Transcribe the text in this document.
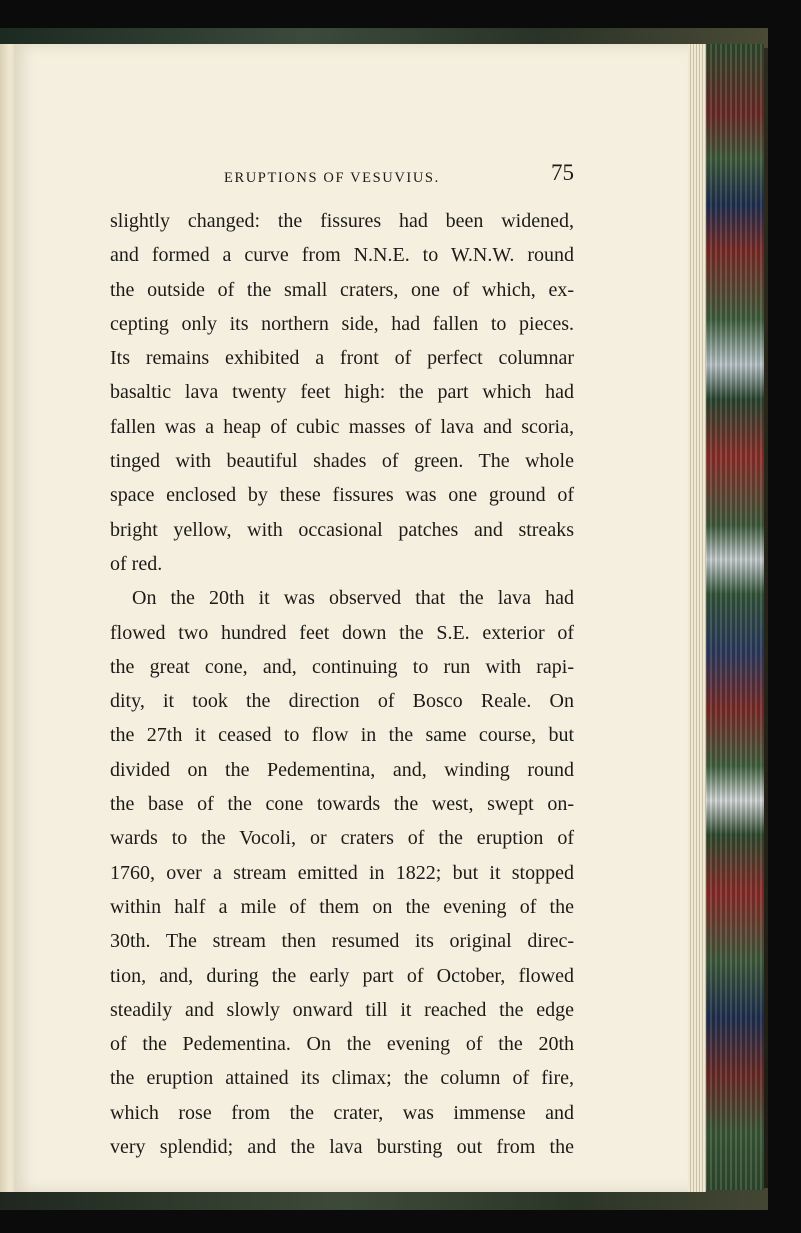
ERUPTIONS OF VESUVIUS.	75
slightly changed: the fissures had been widened,
and formed a curve from N.N.E. to W.N.W. round
the outside of the small craters, one of which, ex-
cepting only its northern side, had fallen to pieces.
Its remains exhibited a front of perfect columnar
basaltic lava twenty feet high: the part which had
fallen was a heap of cubic masses of lava and scoria,
tinged with beautiful shades of green. The whole
space enclosed by these fissures was one ground of
bright yellow, with occasional patches and streaks
of red.
On the 20th it was observed that the lava had
flowed two hundred feet down the S.E. exterior of
the great cone, and, continuing to run with rapi-
dity, it took the direction of Bosco Reale. On
the 27th it ceased to flow in the same course, but
divided on the Pedementina, and, winding round
the base of the cone towards the west, swept on-
wards to the Vocoli, or craters of the eruption of
1760, over a stream emitted in 1822; but it stopped
within half a mile of them on the evening of the
30th. The stream then resumed its original direc-
tion, and, during the early part of October, flowed
steadily and slowly onward till it reached the edge
of the Pedementina. On the evening of the 20th
the eruption attained its climax; the column of fire,
which rose from the crater, was immense and
very splendid; and the lava bursting out from the
